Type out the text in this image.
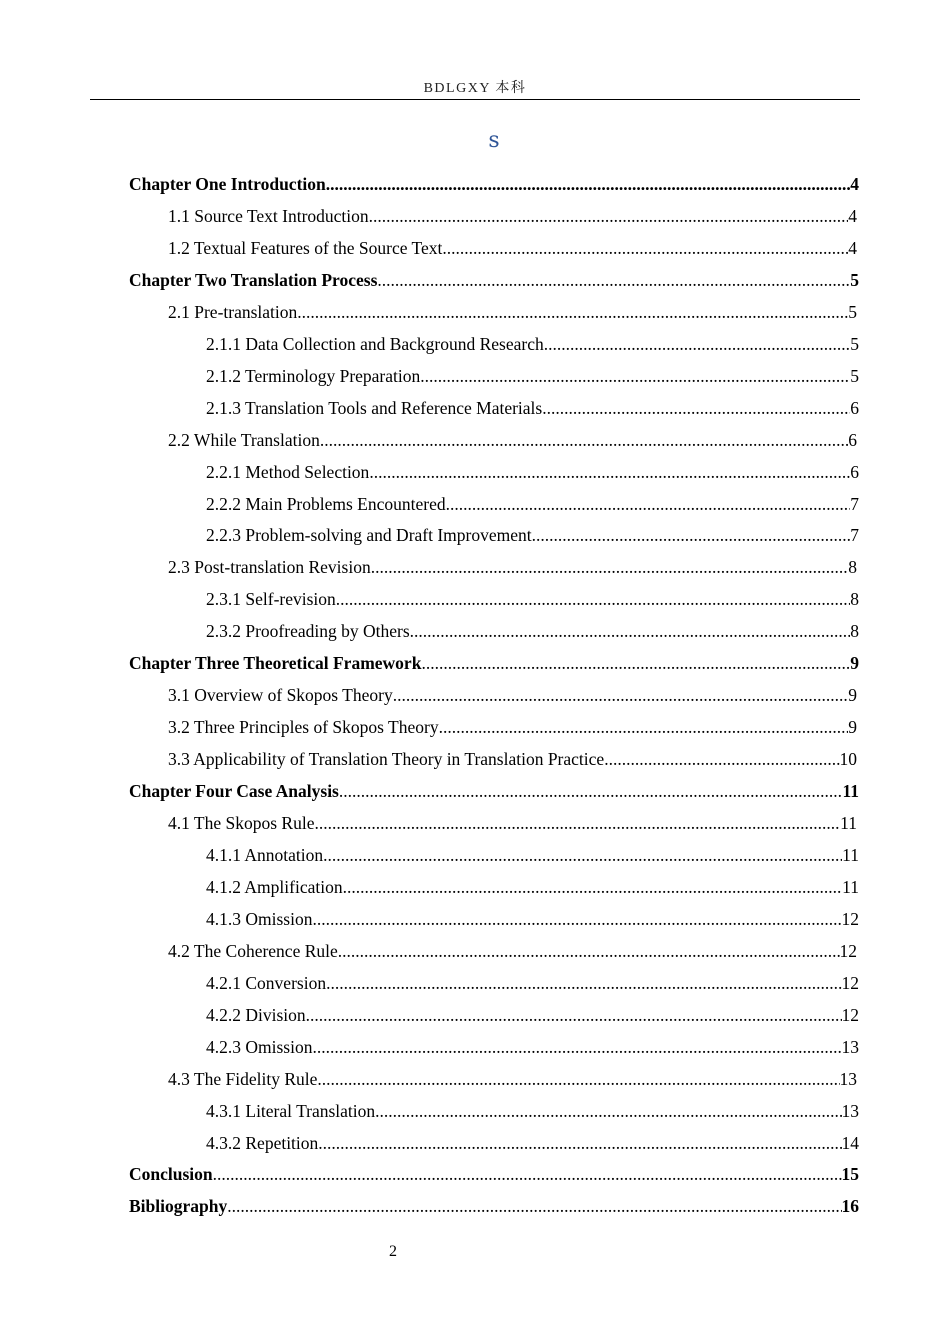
BDLGXY 本科
s
Chapter One Introduction .....	4
1.1 Source Text Introduction .....	4
1.2 Textual Features of the Source Text .....	4
Chapter Two Translation Process .....	5
2.1 Pre-translation .....	5
2.1.1 Data Collection and Background Research .....	5
2.1.2 Terminology Preparation .....	5
2.1.3 Translation Tools and Reference Materials .....	6
2.2 While Translation .....	6
2.2.1 Method Selection .....	6
2.2.2 Main Problems Encountered .....	7
2.2.3 Problem-solving and Draft Improvement .....	7
2.3 Post-translation Revision .....	8
2.3.1 Self-revision .....	8
2.3.2 Proofreading by Others .....	8
Chapter Three Theoretical Framework .....	9
3.1 Overview of Skopos Theory .....	9
3.2 Three Principles of Skopos Theory .....	9
3.3 Applicability of Translation Theory in Translation Practice .....	10
Chapter Four Case Analysis .....	11
4.1 The Skopos Rule .....	11
4.1.1 Annotation .....	11
4.1.2 Amplification .....	11
4.1.3 Omission .....	12
4.2 The Coherence Rule .....	12
4.2.1 Conversion .....	12
4.2.2 Division .....	12
4.2.3 Omission .....	13
4.3 The Fidelity Rule .....	13
4.3.1 Literal Translation .....	13
4.3.2 Repetition .....	14
Conclusion .....	15
Bibliography .....	16
2
